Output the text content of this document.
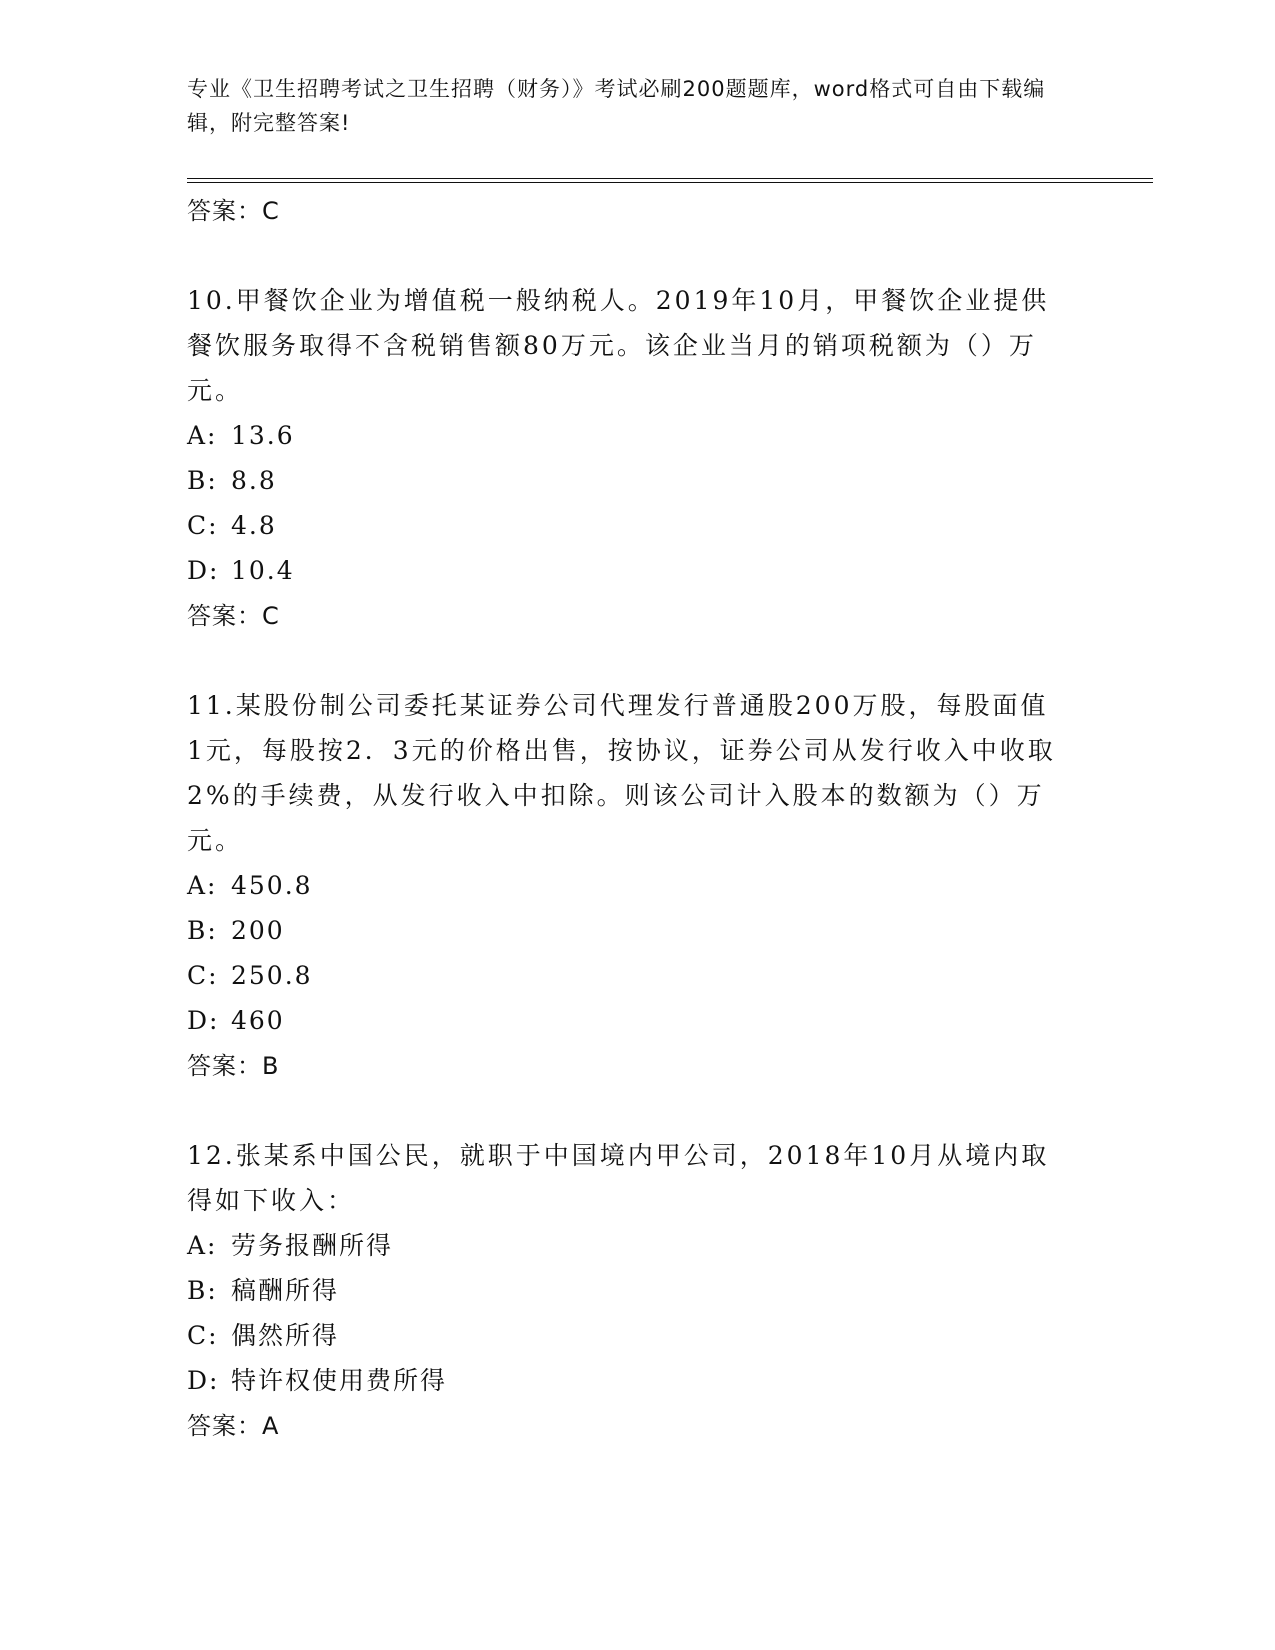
专业《卫生招聘考试之卫生招聘（财务）》考试必刷200题题库，word格式可自由下载编辑，附完整答案!
答案：C

10.甲餐饮企业为增值税一般纳税人。2019年10月，甲餐饮企业提供餐饮服务取得不含税销售额80万元。该企业当月的销项税额为（）万元。

A: 13.6
B: 8.8
C: 4.8
D: 10.4
答案：C

11.某股份制公司委托某证券公司代理发行普通股200万股，每股面值1元，每股按2．3元的价格出售，按协议，证券公司从发行收入中收取2%的手续费，从发行收入中扣除。则该公司计入股本的数额为（）万元。

A: 450.8
B: 200
C: 250.8
D: 460
答案：B

12.张某系中国公民，就职于中国境内甲公司，2018年10月从境内取得如下收入：

A: 劳务报酬所得
B: 稿酬所得
C: 偶然所得
D: 特许权使用费所得
答案：A
